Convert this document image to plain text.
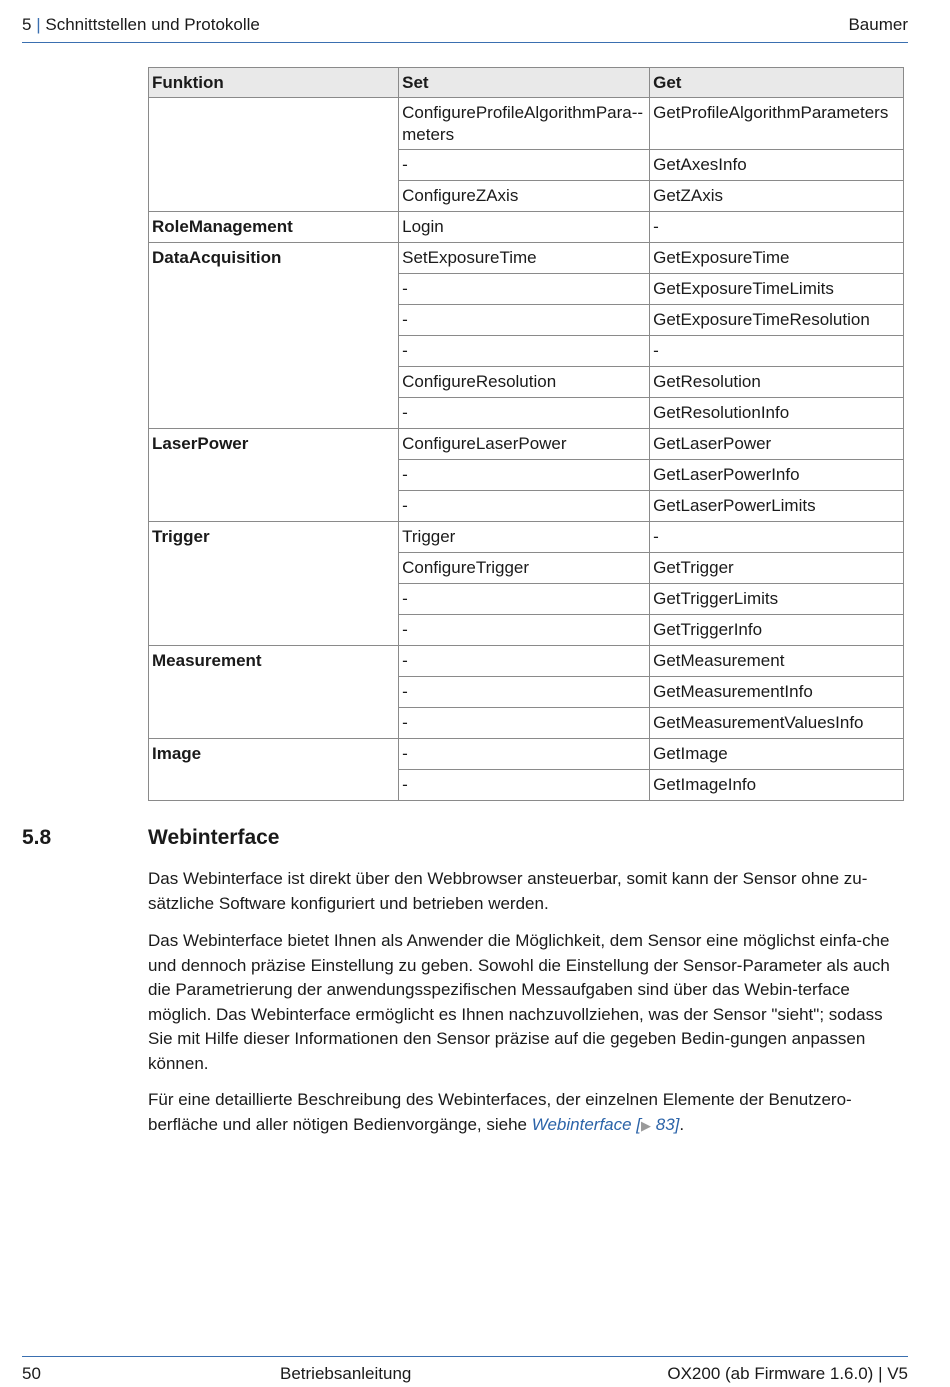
5 | Schnittstellen und Protokolle	Baumer
Funktion	Set	Get
	ConfigureProfileAlgorithmPara-meters	GetProfileAlgorithmParameters
	-	GetAxesInfo
	ConfigureZAxis	GetZAxis
RoleManagement	Login	-
DataAcquisition	SetExposureTime	GetExposureTime
	-	GetExposureTimeLimits
	-	GetExposureTimeResolution
	-	-
	ConfigureResolution	GetResolution
	-	GetResolutionInfo
LaserPower	ConfigureLaserPower	GetLaserPower
	-	GetLaserPowerInfo
	-	GetLaserPowerLimits
Trigger	Trigger	-
	ConfigureTrigger	GetTrigger
	-	GetTriggerLimits
	-	GetTriggerInfo
Measurement	-	GetMeasurement
	-	GetMeasurementInfo
	-	GetMeasurementValuesInfo
Image	-	GetImage
	-	GetImageInfo
5.8	Webinterface

Das Webinterface ist direkt über den Webbrowser ansteuerbar, somit kann der Sensor ohne zu-sätzliche Software konfiguriert und betrieben werden.

Das Webinterface bietet Ihnen als Anwender die Möglichkeit, dem Sensor eine möglichst einfa-che und dennoch präzise Einstellung zu geben. Sowohl die Einstellung der Sensor-Parameter als auch die Parametrierung der anwendungsspezifischen Messaufgaben sind über das Webin-terface möglich. Das Webinterface ermöglicht es Ihnen nachzuvollziehen, was der Sensor "sieht"; sodass Sie mit Hilfe dieser Informationen den Sensor präzise auf die gegeben Bedin-gungen anpassen können.

Für eine detaillierte Beschreibung des Webinterfaces, der einzelnen Elemente der Benutzero-berfläche und aller nötigen Bedienvorgänge, siehe Webinterface [▶ 83].

50	Betriebsanleitung	OX200 (ab Firmware 1.6.0) | V5
